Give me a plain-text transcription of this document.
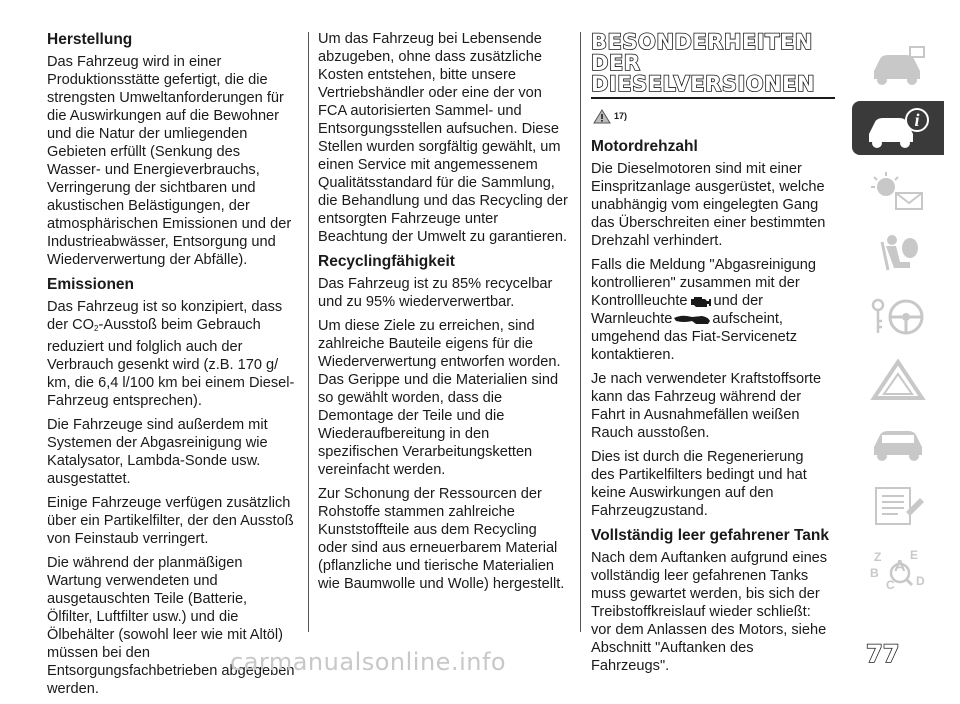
Herstellung

Das Fahrzeug wird in einer Produktionsstätte gefertigt, die die strengsten Umweltanforderungen für die Auswirkungen auf die Bewohner und die Natur der umliegenden Gebieten erfüllt (Senkung des Wasser- und Energieverbrauchs, Verringerung der sichtbaren und akustischen Belästigungen, der atmosphärischen Emissionen und der Industrieabwässer, Entsorgung und Wiederverwertung der Abfälle).

Emissionen

Das Fahrzeug ist so konzipiert, dass der $CO_2$-Ausstoß beim Gebrauch reduziert und folglich auch der Verbrauch gesenkt wird (z.B. 170 g/ km, die 6,4 l/100 km bei einem Diesel-Fahrzeug entsprechen).

Die Fahrzeuge sind außerdem mit Systemen der Abgasreinigung wie Katalysator, Lambda-Sonde usw. ausgestattet.

Einige Fahrzeuge verfügen zusätzlich über ein Partikelfilter, der den Ausstoß von Feinstaub verringert.

Die während der planmäßigen Wartung verwendeten und ausgetauschten Teile (Batterie, Ölfilter, Luftfilter usw.) und die Ölbehälter (sowohl leer wie mit Altöl) müssen bei den Entsorgungsfachbetrieben abgegeben werden.

Um das Fahrzeug bei Lebensende abzugeben, ohne dass zusätzliche Kosten entstehen, bitte unsere Vertriebshändler oder eine der von FCA autorisierten Sammel- und Entsorgungsstellen aufsuchen. Diese Stellen wurden sorgfältig gewählt, um einen Service mit angemessenem Qualitätsstandard für die Sammlung, die Behandlung und das Recycling der entsorgten Fahrzeuge unter Beachtung der Umwelt zu garantieren.

Recyclingfähigkeit

Das Fahrzeug ist zu 85% recycelbar und zu 95% wiederverwertbar.

Um diese Ziele zu erreichen, sind zahlreiche Bauteile eigens für die Wiederverwertung entworfen worden. Das Gerippe und die Materialien sind so gewählt worden, dass die Demontage der Teile und die Wiederaufbereitung in den spezifischen Verarbeitungsketten vereinfacht werden.

Zur Schonung der Ressourcen der Rohstoffe stammen zahlreiche Kunststoffteile aus dem Recycling oder sind aus erneuerbarem Material (pflanzliche und tierische Materialien wie Baumwolle und Wolle) hergestellt.

BESONDERHEITEN
DER
DIESELVERSIONEN
17)
Motordrehzahl

Die Dieselmotoren sind mit einer Einspritzanlage ausgerüstet, welche unabhängig vom eingelegten Gang das Überschreiten einer bestimmten Drehzahl verhindert.

Falls die Meldung "Abgasreinigung kontrollieren" zusammen mit der Kontrollleuchte und der Warnleuchte	aufscheint, umgehend das Fiat-Servicenetz kontaktieren.

Je nach verwendeter Kraftstoffsorte kann das Fahrzeug während der Fahrt in Ausnahmefällen weißen Rauch ausstoßen.

Dies ist durch die Regenerierung des Partikelfilters bedingt und hat keine Auswirkungen auf den Fahrzeugzustand.

Vollständig leer gefahrener Tank

Nach dem Auftanken aufgrund eines vollständig leer gefahrenen Tanks muss gewartet werden, bis sich der Treibstoffkreislauf wieder schließt: vor dem Anlassen des Motors, siehe Abschnitt "Auftanken des Fahrzeugs".

i
Z E
B
C D
A
77
carmanualsonline.info
